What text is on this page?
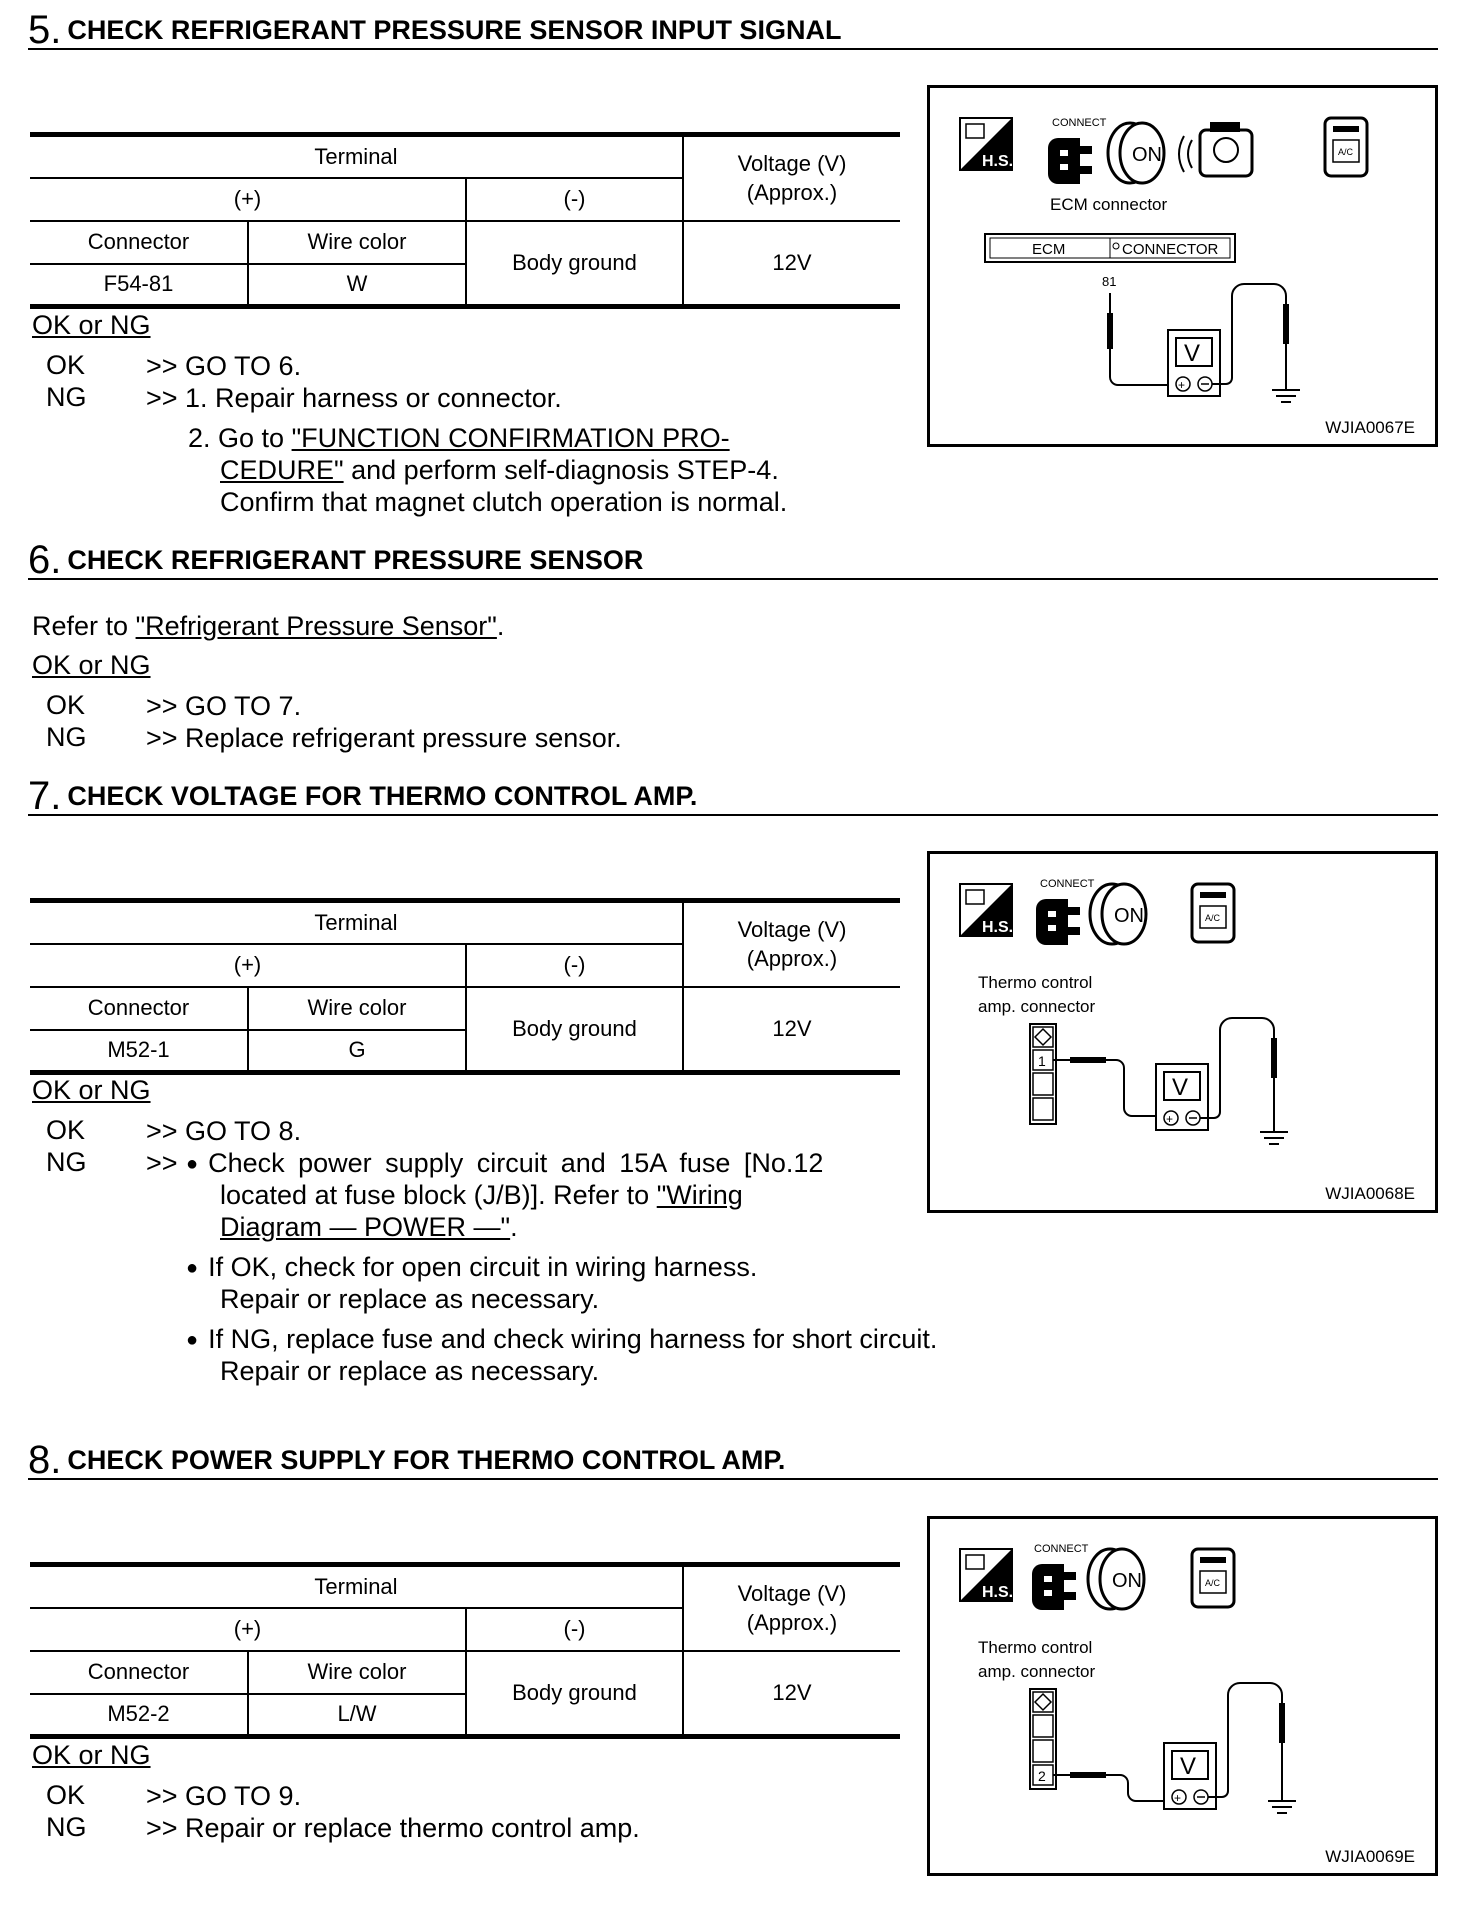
5. CHECK REFRIGERANT PRESSURE SENSOR INPUT SIGNAL
Terminal			Voltage (V)
(Approx.)
(+)		(-)	
Connector	Wire color	Body ground	12V
F54-81	W		
OK or NG
OK >> GO TO 6.
NG >> 1. Repair harness or connector.
2. Go to "FUNCTION CONFIRMATION PRO-
CEDURE" and perform self-diagnosis STEP-4.
Confirm that magnet clutch operation is normal.
H.S.
CONNECT
ON	A/C
ECM connector
ECM	CONNECTOR
81
V
+
WJIA0067E
6. CHECK REFRIGERANT PRESSURE SENSOR
Refer to "Refrigerant Pressure Sensor".
OK or NG
OK >> GO TO 7.
NG >> Replace refrigerant pressure sensor.
7. CHECK VOLTAGE FOR THERMO CONTROL AMP.
Terminal			Voltage (V)
(Approx.)
(+)		(-)	
Connector	Wire color	Body ground	12V
M52-1	G		
OK or NG
OK >> GO TO 8.
NG >>	● Check power supply circuit and 15A fuse [No.12
located at fuse block (J/B)]. Refer to "Wiring
Diagram — POWER —".
● If OK, check for open circuit in wiring harness.
Repair or replace as necessary.
● If NG, replace fuse and check wiring harness for short circuit.
Repair or replace as necessary.
H.S.
CONNECT
ON	A/C
Thermo control
amp. connector
1
V
+
WJIA0068E
8. CHECK POWER SUPPLY FOR THERMO CONTROL AMP.
Terminal			Voltage (V)
(Approx.)
(+)		(-)	
Connector	Wire color	Body ground	12V
M52-2	L/W		
OK or NG
OK >> GO TO 9.
NG >> Repair or replace thermo control amp.
H.S.
CONNECT
ON	A/C
Thermo control
amp. connector
2	V
+
WJIA0069E
